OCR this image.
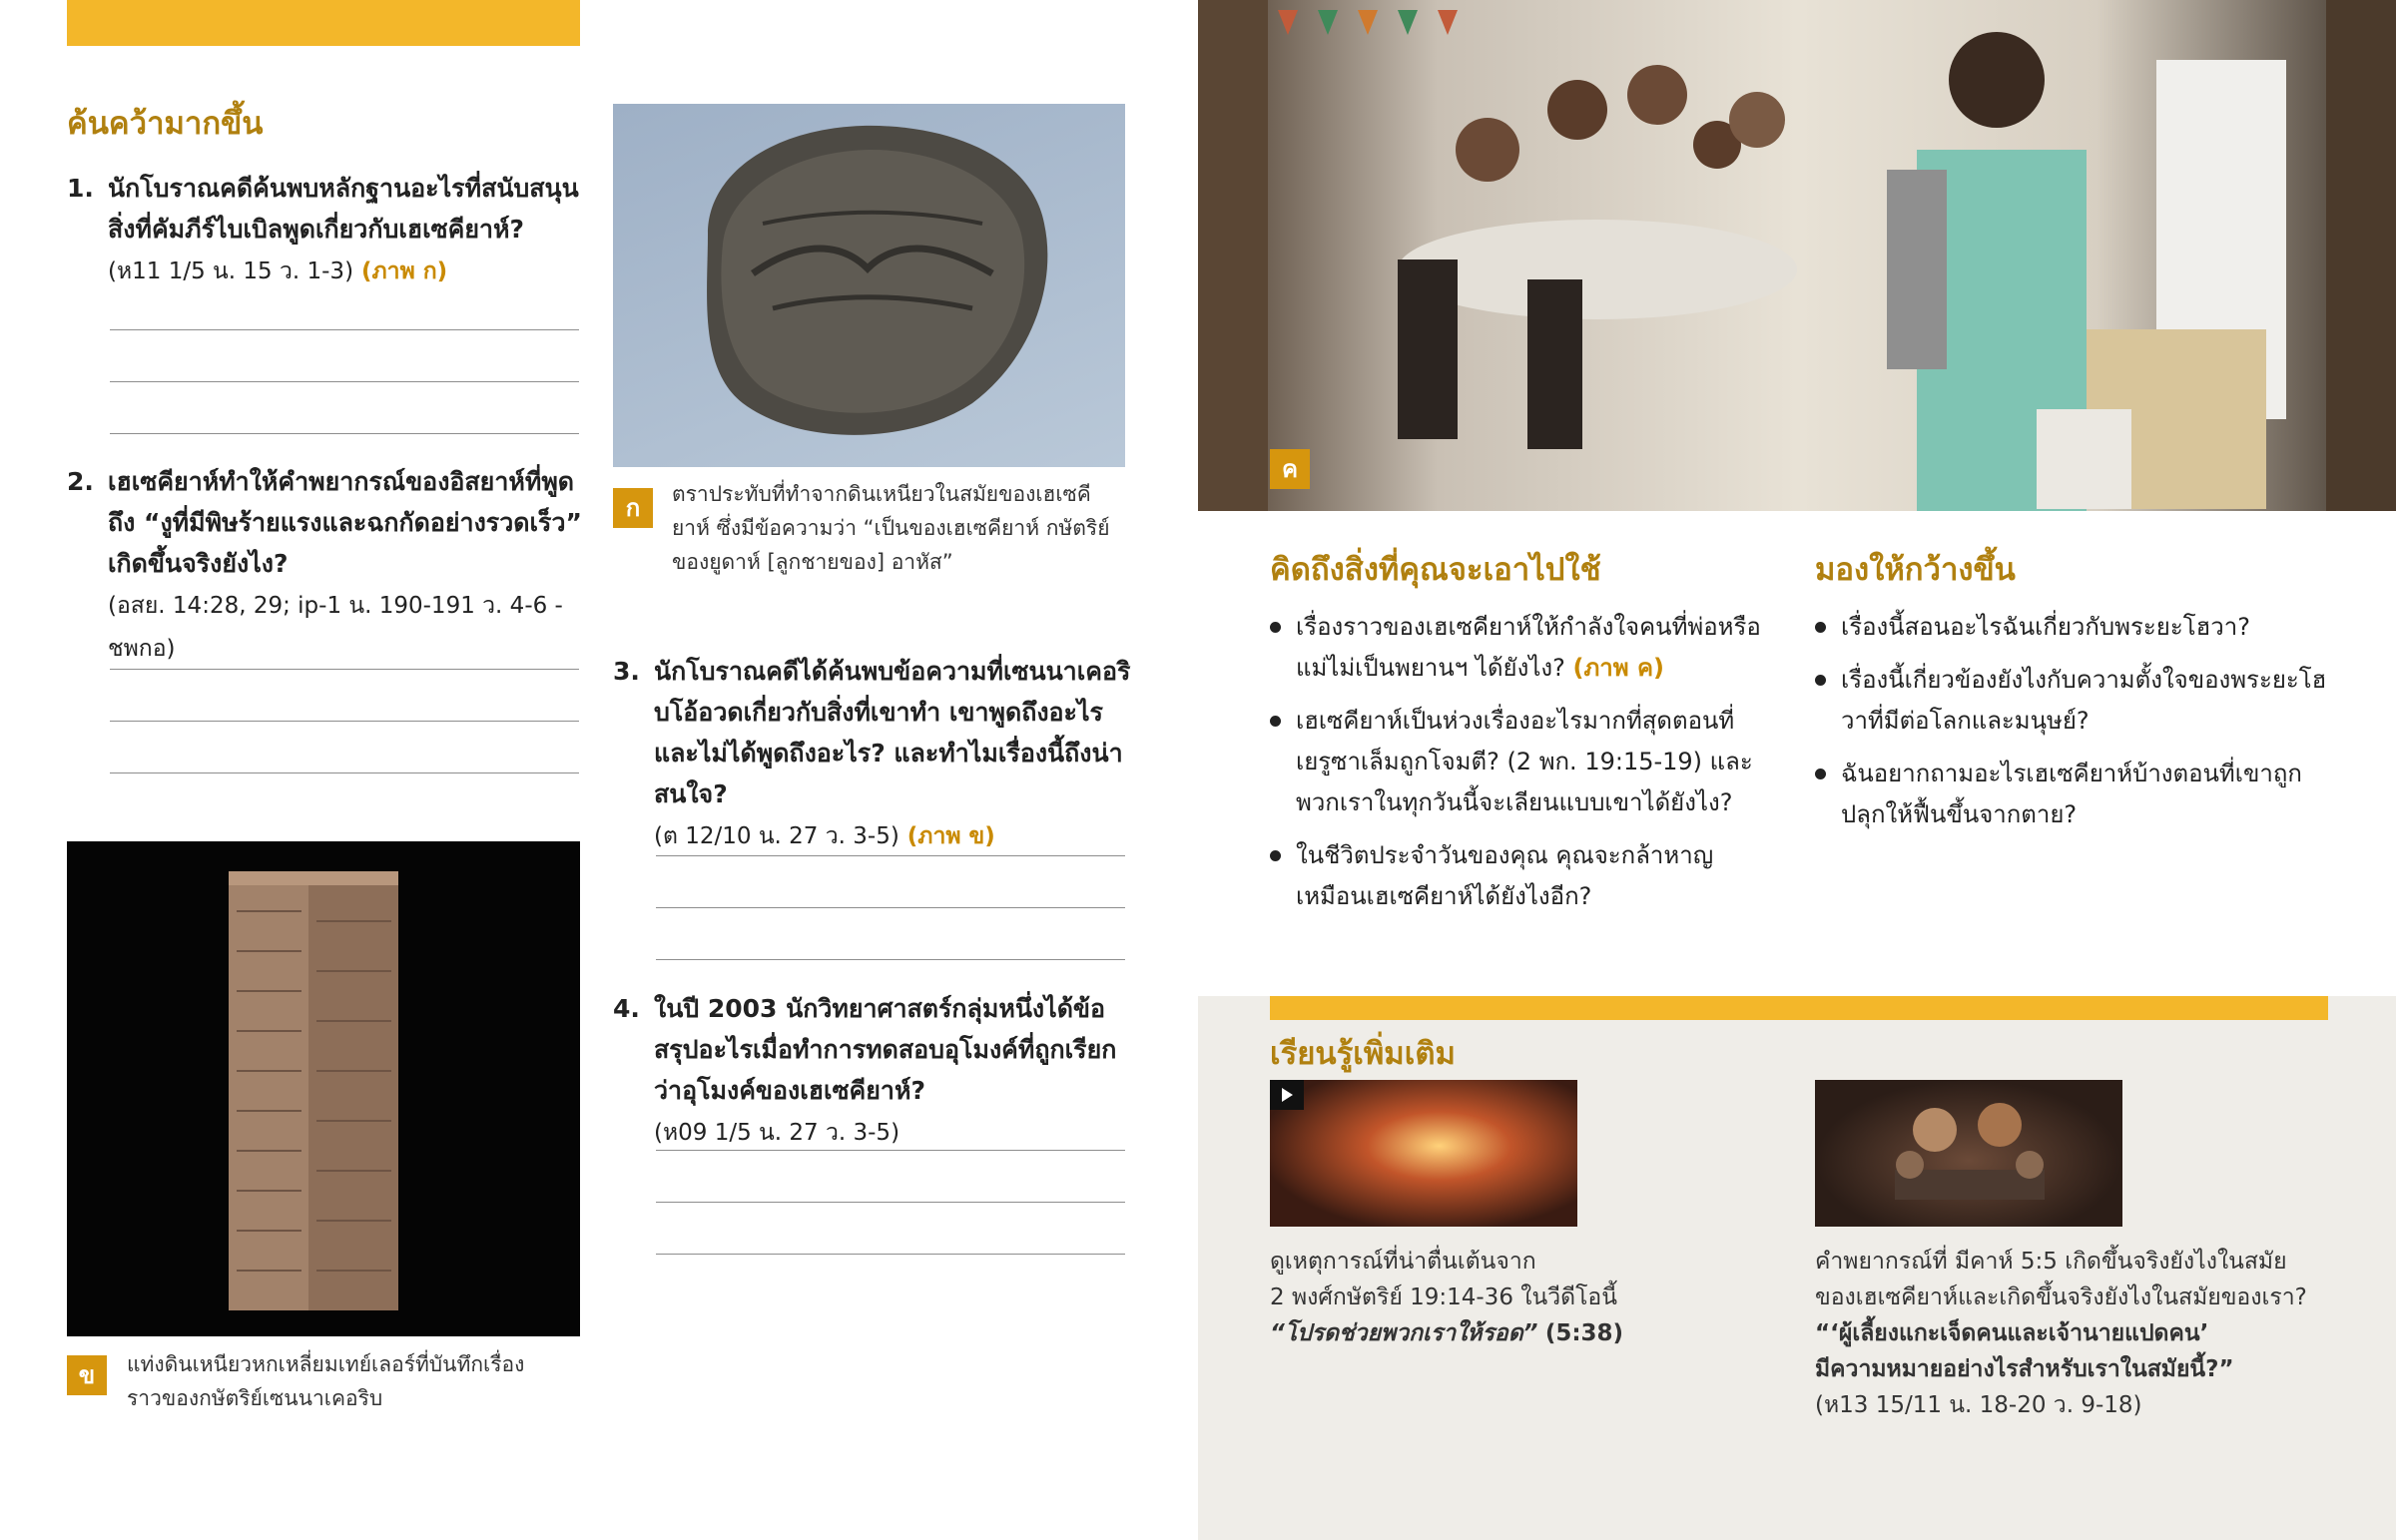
ค้นคว้ามากขึ้น
1. นักโบราณคดีค้นพบหลักฐานอะไรที่สนับสนุนสิ่งที่คัมภีร์ไบเบิลพูดเกี่ยวกับเฮเซคียาห์?
(ห11 1/5 น. 15 ว. 1-3) (ภาพ ก)
2. เฮเซคียาห์ทำให้คำพยากรณ์ของอิสยาห์ที่พูดถึง “งูที่มีพิษร้ายแรงและฉกกัดอย่างรวดเร็ว” เกิดขึ้นจริงยังไง?
(อสย. 14:28, 29; ip-1 น. 190-191 ว. 4-6 - ชพกอ)
ก	ตราประทับที่ทำจากดินเหนียวในสมัยของเฮเซคียาห์ ซึ่งมีข้อความว่า “เป็นของเฮเซคียาห์ กษัตริย์ของยูดาห์ [ลูกชายของ] อาหัส”
3. นักโบราณคดีได้ค้นพบข้อความที่เซนนาเคอริบโอ้อวดเกี่ยวกับสิ่งที่เขาทำ เขาพูดถึงอะไรและไม่ได้พูดถึงอะไร? และทำไมเรื่องนี้ถึงน่าสนใจ?
(ต 12/10 น. 27 ว. 3-5) (ภาพ ข)
4. ในปี 2003 นักวิทยาศาสตร์กลุ่มหนึ่งได้ข้อสรุปอะไรเมื่อทำการทดสอบอุโมงค์ที่ถูกเรียกว่าอุโมงค์ของเฮเซคียาห์?
(ห09 1/5 น. 27 ว. 3-5)
ข	แท่งดินเหนียวหกเหลี่ยมเทย์เลอร์ที่บันทึกเรื่องราวของกษัตริย์เซนนาเคอริบ
ค
คิดถึงสิ่งที่คุณจะเอาไปใช้
เรื่องราวของเฮเซคียาห์ให้กำลังใจคนที่พ่อหรือแม่ไม่เป็นพยานฯ ได้ยังไง? (ภาพ ค)
เฮเซคียาห์เป็นห่วงเรื่องอะไรมากที่สุดตอนที่เยรูซาเล็มถูกโจมตี? (2 พก. 19:15-19) และพวกเราในทุกวันนี้จะเลียนแบบเขาได้ยังไง?
ในชีวิตประจำวันของคุณ คุณจะกล้าหาญเหมือนเฮเซคียาห์ได้ยังไงอีก?
มองให้กว้างขึ้น
เรื่องนี้สอนอะไรฉันเกี่ยวกับพระยะโฮวา?
เรื่องนี้เกี่ยวข้องยังไงกับความตั้งใจของพระยะโฮวาที่มีต่อโลกและมนุษย์?
ฉันอยากถามอะไรเฮเซคียาห์บ้างตอนที่เขาถูกปลุกให้ฟื้นขึ้นจากตาย?
เรียนรู้เพิ่มเติม
ดูเหตุการณ์ที่น่าตื่นเต้นจาก
2 พงศ์กษัตริย์ 19:14-36 ในวีดีโอนี้
“โปรดช่วยพวกเราให้รอด” (5:38)
คำพยากรณ์ที่ มีคาห์ 5:5 เกิดขึ้นจริงยังไงในสมัย
ของเฮเซคียาห์และเกิดขึ้นจริงยังไงในสมัยของเรา?
“‘ผู้เลี้ยงแกะเจ็ดคนและเจ้านายแปดคน’
มีความหมายอย่างไรสำหรับเราในสมัยนี้?”
(ห13 15/11 น. 18-20 ว. 9-18)
